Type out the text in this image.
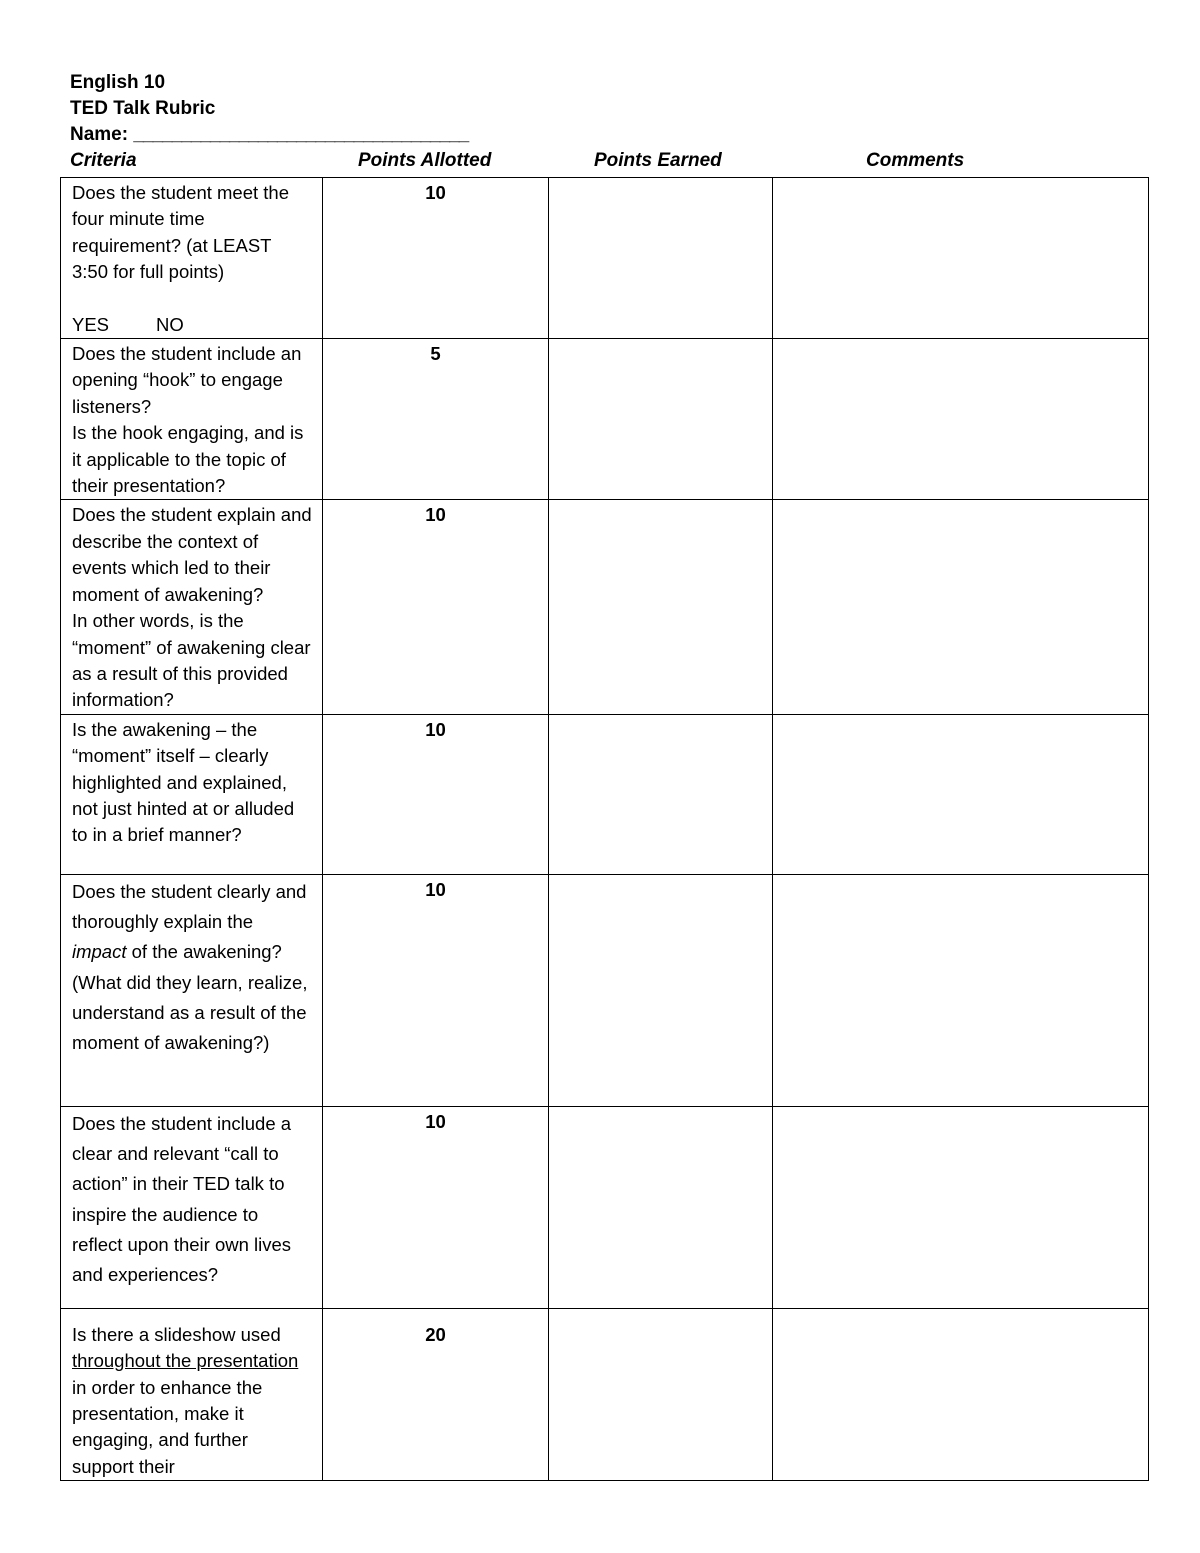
English 10
TED Talk Rubric
Name: ___________________________________
Criteria	Points Allotted	Points Earned	Comments
Does the student meet the four minute time requirement? (at LEAST 3:50 for full points)
YES NO	10		

Does the student include an opening “hook” to engage listeners?
Is the hook engaging, and is it applicable to the topic of their presentation?	5		

Does the student explain and describe the context of events which led to their moment of awakening?
In other words, is the “moment” of awakening clear as a result of this provided information?	10		

Is the awakening – the “moment” itself – clearly highlighted and explained, not just hinted at or alluded to in a brief manner?	10		

Does the student clearly and thoroughly explain the impact of the awakening? (What did they learn, realize, understand as a result of the moment of awakening?)	10		

Does the student include a clear and relevant “call to action” in their TED talk to inspire the audience to reflect upon their own lives and experiences?	10		

Is there a slideshow used throughout the presentation in order to enhance the presentation, make it engaging, and further support their	20		
